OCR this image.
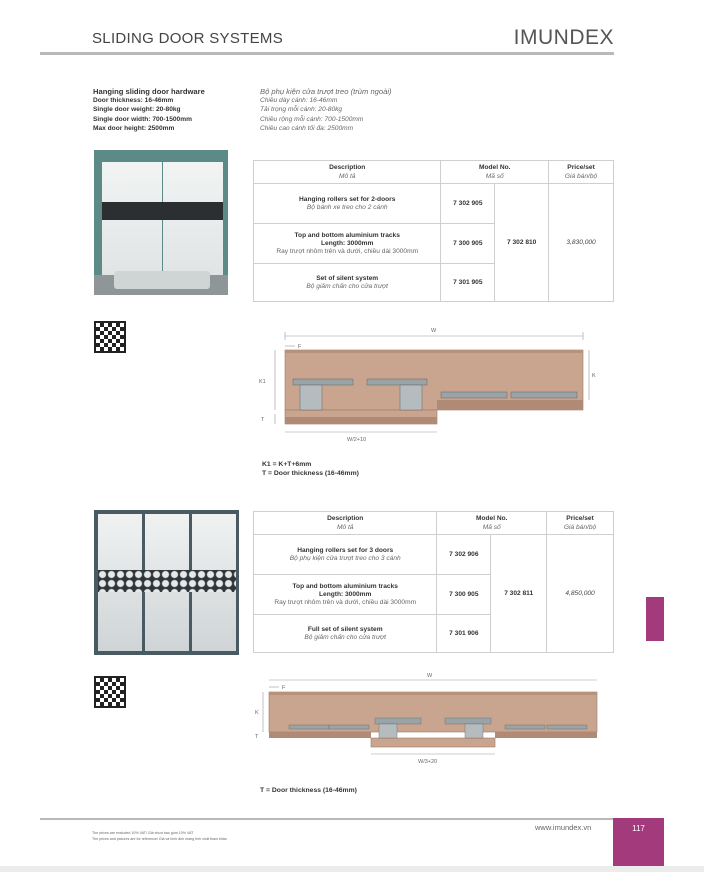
SLIDING DOOR SYSTEMS	IMUNDEX
Hanging sliding door hardware
Door thickness: 16-46mm
Single door weight: 20-80kg
Single door width: 700-1500mm
Max door height: 2500mm
Bộ phụ kiện cửa trượt treo (trùm ngoài)
Chiều dày cánh: 16-46mm
Tải trọng mỗi cánh: 20-80kg
Chiều rộng mỗi cánh: 700-1500mm
Chiều cao cánh tối đa: 2500mm
Description
Mô tả	Model No.
Mã số		Price/set
Giá bán/bộ

Hanging rollers set for 2-doors
Bộ bánh xe treo cho 2 cánh	7 302 905	7 302 810	3,830,000

Top and bottom aluminium tracks
Length: 3000mm
Ray trượt nhôm trên và dưới, chiều dài 3000mm	7 300 905		

Set of silent system
Bộ giảm chấn cho cửa trượt	7 301 905		
W
F
K1
K
T
W/2+10
K1 = K+T+6mm
T = Door thickness (16-46mm)
Description
Mô tả	Model No.
Mã số		Price/set
Giá bán/bộ

Hanging rollers set for 3 doors
Bộ phụ kiện cửa trượt treo cho 3 cánh	7 302 906	7 302 811	4,850,000

Top and bottom aluminium tracks
Length: 3000mm
Ray trượt nhôm trên và dưới, chiều dài 3000mm	7 300 905		

Full set of silent system
Bộ giảm chấn cho cửa trượt	7 301 906		
W
F
K
T
W/3+20
T = Door thickness (16-46mm)
The prices are excluded 10% VAT/ Giá chưa bao gồm 10% VAT
The prices and pictures are for reference/ Giá và hình ảnh mang tính chất tham khảo
www.imundex.vn	117
